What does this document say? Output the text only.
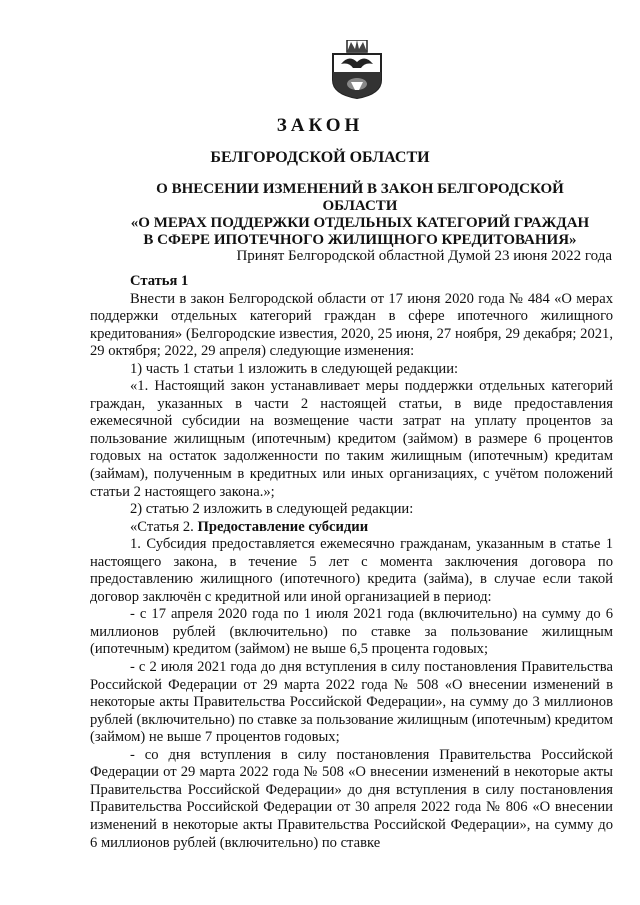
ЗАКОН
БЕЛГОРОДСКОЙ ОБЛАСТИ
О ВНЕСЕНИИ ИЗМЕНЕНИЙ В ЗАКОН БЕЛГОРОДСКОЙ ОБЛАСТИ
«О МЕРАХ ПОДДЕРЖКИ ОТДЕЛЬНЫХ КАТЕГОРИЙ ГРАЖДАН
В СФЕРЕ ИПОТЕЧНОГО ЖИЛИЩНОГО КРЕДИТОВАНИЯ»
Принят Белгородской областной Думой 23 июня 2022 года
Статья 1

Внести в закон Белгородской области от 17 июня 2020 года № 484 «О мерах поддержки отдельных категорий граждан в сфере ипотечного жилищного кредитования» (Белгородские известия, 2020, 25 июня, 27 ноября, 29 декабря; 2021, 29 октября; 2022, 29 апреля) следующие изменения:

1) часть 1 статьи 1 изложить в следующей редакции:

«1. Настоящий закон устанавливает меры поддержки отдельных категорий граждан, указанных в части 2 настоящей статьи, в виде предоставления ежемесячной субсидии на возмещение части затрат на уплату процентов за пользование жилищным (ипотечным) кредитом (займом) в размере 6 процентов годовых на остаток задолженности по таким жилищным (ипотечным) кредитам (займам), полученным в кредитных или иных организациях, с учётом положений статьи 2 настоящего закона.»;

2) статью 2 изложить в следующей редакции:

«Статья 2. Предоставление субсидии

1. Субсидия предоставляется ежемесячно гражданам, указанным в статье 1 настоящего закона, в течение 5 лет с момента заключения договора по предоставлению жилищного (ипотечного) кредита (займа), в случае если такой договор заключён с кредитной или иной организацией в период:

- с 17 апреля 2020 года по 1 июля 2021 года (включительно) на сумму до 6 миллионов рублей (включительно) по ставке за пользование жилищным (ипотечным) кредитом (займом) не выше 6,5 процента годовых;

- с 2 июля 2021 года до дня вступления в силу постановления Правительства Российской Федерации от 29 марта 2022 года № 508 «О внесении изменений в некоторые акты Правительства Российской Федерации», на сумму до 3 миллионов рублей (включительно) по ставке за пользование жилищным (ипотечным) кредитом (займом) не выше 7 процентов годовых;

- со дня вступления в силу постановления Правительства Российской Федерации от 29 марта 2022 года № 508 «О внесении изменений в некоторые акты Правительства Российской Федерации» до дня вступления в силу постановления Правительства Российской Федерации от 30 апреля 2022 года № 806 «О внесении изменений в некоторые акты Правительства Российской Федерации», на сумму до 6 миллионов рублей (включительно) по ставке
